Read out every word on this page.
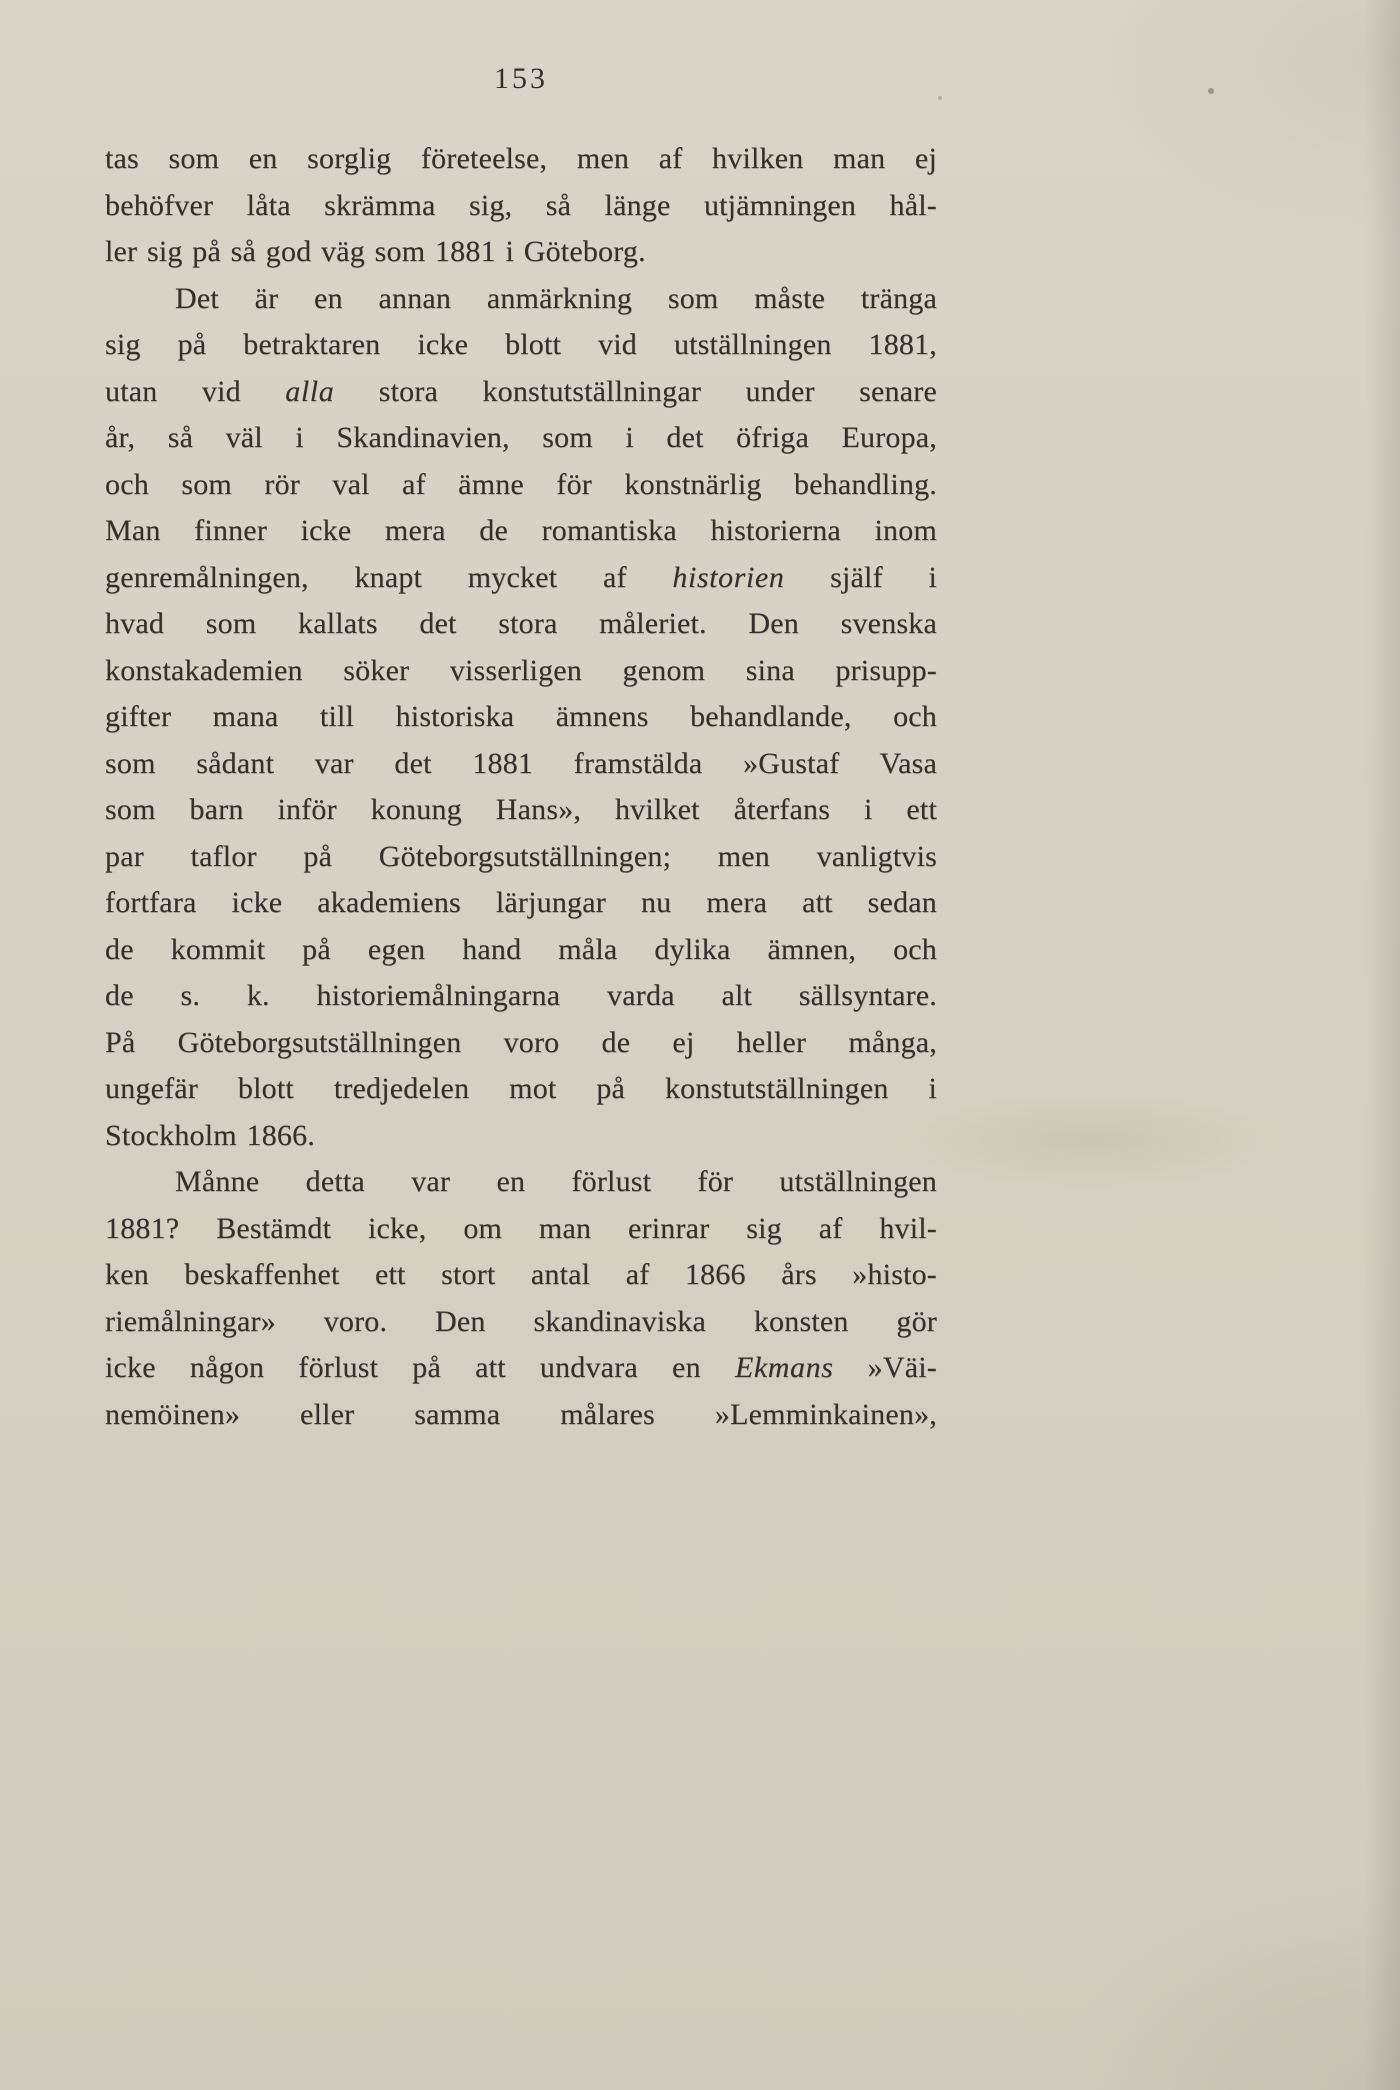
153
tas som en sorglig företeelse, men af hvilken man ej
behöfver låta skrämma sig, så länge utjämningen hål-
ler sig på så god väg som 1881 i Göteborg.
Det är en annan anmärkning som måste tränga
sig på betraktaren icke blott vid utställningen 1881,
utan vid alla stora konstutställningar under senare
år, så väl i Skandinavien, som i det öfriga Europa,
och som rör val af ämne för konstnärlig behandling.
Man finner icke mera de romantiska historierna inom
genremålningen, knapt mycket af historien själf i
hvad som kallats det stora måleriet. Den svenska
konstakademien söker visserligen genom sina prisupp-
gifter mana till historiska ämnens behandlande, och
som sådant var det 1881 framstälda »Gustaf Vasa
som barn inför konung Hans», hvilket återfans i ett
par taflor på Göteborgsutställningen; men vanligtvis
fortfara icke akademiens lärjungar nu mera att sedan
de kommit på egen hand måla dylika ämnen, och
de s. k. historiemålningarna varda alt sällsyntare.
På Göteborgsutställningen voro de ej heller många,
ungefär blott tredjedelen mot på konstutställningen i
Stockholm 1866.
Månne detta var en förlust för utställningen
1881? Bestämdt icke, om man erinrar sig af hvil-
ken beskaffenhet ett stort antal af 1866 års »histo-
riemålningar» voro. Den skandinaviska konsten gör
icke någon förlust på att undvara en Ekmans »Väi-
nemöinen» eller samma målares »Lemminkainen»,
